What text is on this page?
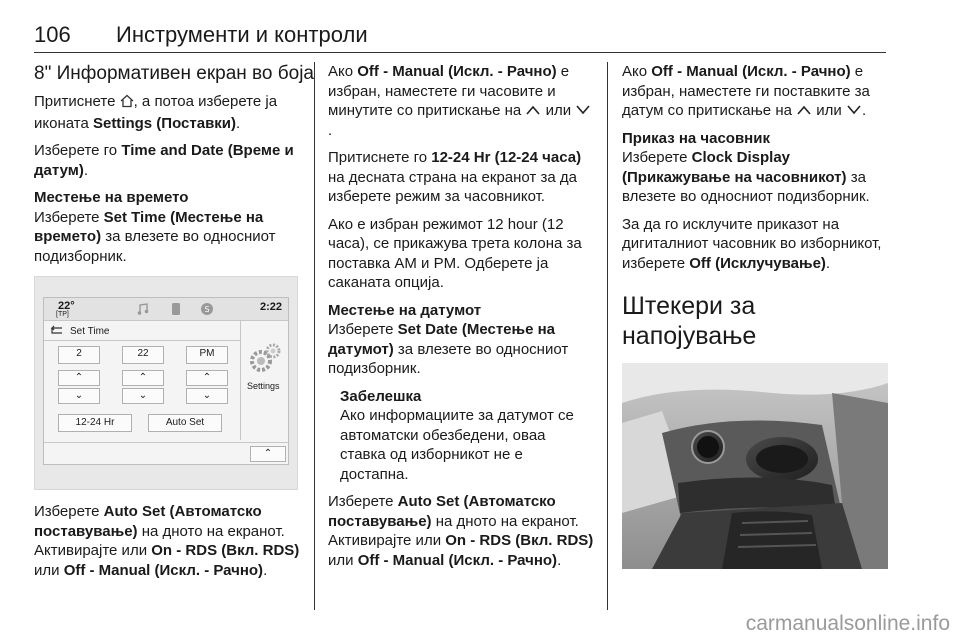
106 Инструменти и контроли
8" Информативен екран во боја

Притиснете , а потоа изберете ја иконата Settings (Поставки).

Изберете го Time and Date (Време и датум).

Местење на времето

Изберете Set Time (Местење на времето) за влезете во односниот подизборник.

22°
[TP]
S	2:22
Set Time
2	22	PM
⌃	⌃	⌃
⌄	⌄	⌄
12-24 Hr	Auto Set
Settings
⌃

Изберете Auto Set (Автоматско поставување) на дното на екранот. Активирајте или On - RDS (Вкл. RDS) или Off - Manual (Искл. - Рачно).

Ако Off - Manual (Искл. - Рачно) е избран, наместете ги часовите и минутите со притискање на  или .

Притиснете го 12-24 Hr (12-24 часа) на десната страна на екранот за да изберете режим за часовникот.

Ако е избран режимот 12 hour (12 часа), се прикажува трета колона за поставка AM и PM. Одберете ја саканата опција.

Местење на датумот

Изберете Set Date (Местење на датумот) за влезете во односниот подизборник.

Забелешка

Ако информациите за датумот се автоматски обезбедени, оваа ставка од изборникот не е достапна.

Изберете Auto Set (Автоматско поставување) на дното на екранот. Активирајте или On - RDS (Вкл. RDS) или Off - Manual (Искл. - Рачно).

Ако Off - Manual (Искл. - Рачно) е избран, наместете ги поставките за датум со притискање на  или .

Приказ на часовник

Изберете Clock Display (Прикажување на часовникот) за влезете во односниот подизборник.

За да го исклучите приказот на дигиталниот часовник во изборникот, изберете Off (Исклучување).

Штекери за напојување
carmanualsonline.info
